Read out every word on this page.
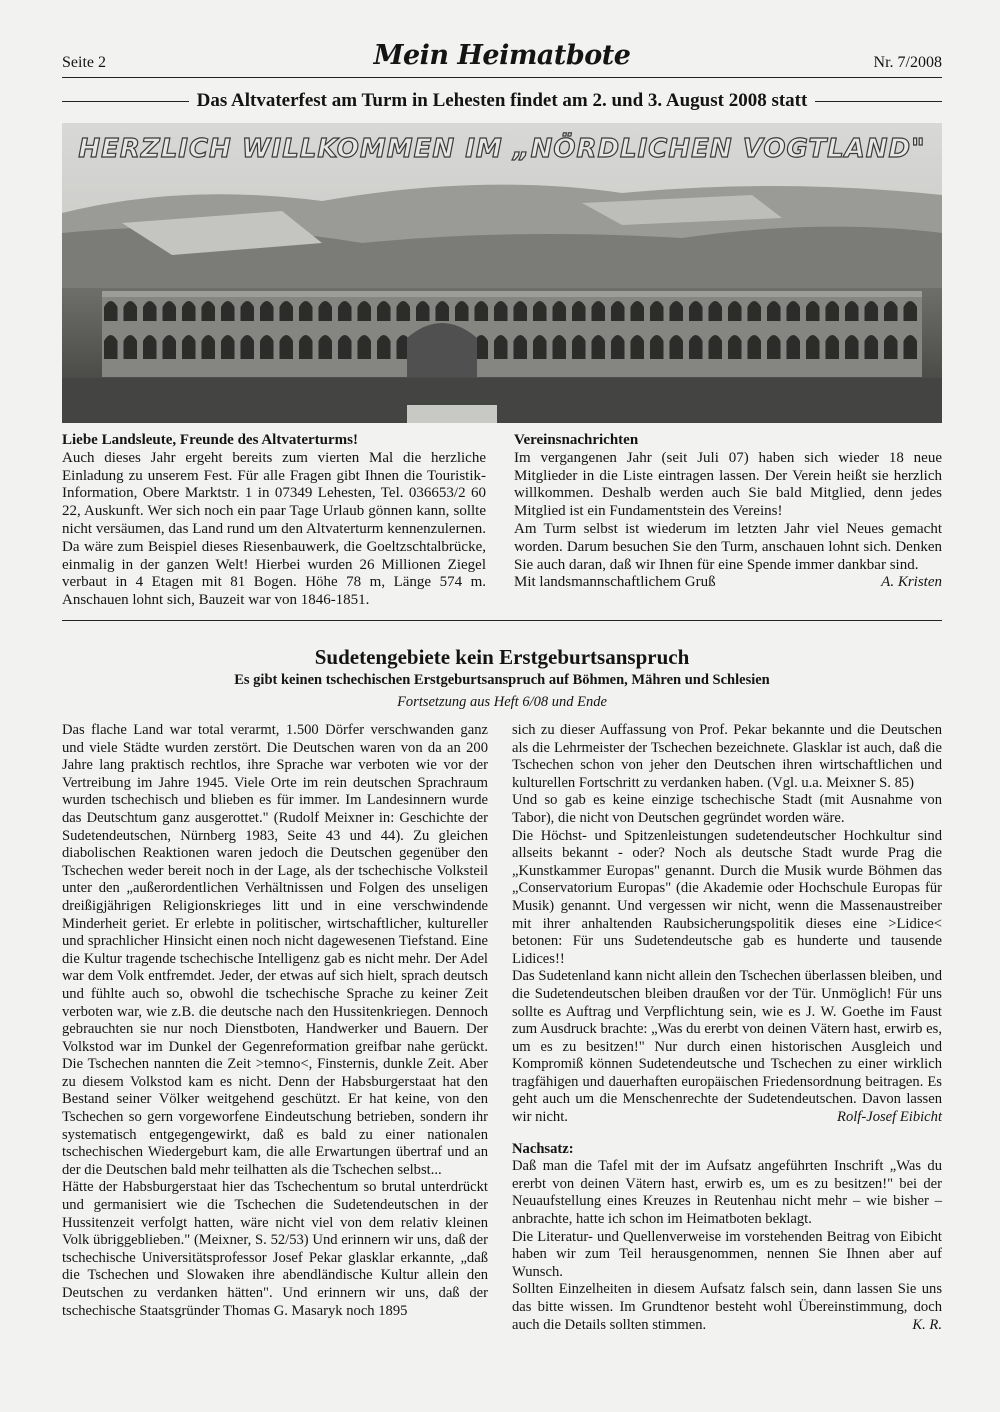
Seite 2	Mein Heimatbote	Nr. 7/2008
Das Altvaterfest am Turm in Lehesten findet am 2. und 3. August 2008 statt
HERZLICH WILLKOMMEN IM „NÖRDLICHEN VOGTLAND"

Liebe Landsleute, Freunde des Altvaterturms!

Auch dieses Jahr ergeht bereits zum vierten Mal die herzliche Einladung zu unserem Fest. Für alle Fragen gibt Ihnen die Touristik-Information, Obere Marktstr. 1 in 07349 Lehesten, Tel. 036653/2 60 22, Auskunft. Wer sich noch ein paar Tage Urlaub gönnen kann, sollte nicht versäumen, das Land rund um den Altvaterturm kennenzulernen. Da wäre zum Beispiel dieses Riesenbauwerk, die Goeltzschtalbrücke, einmalig in der ganzen Welt! Hierbei wurden 26 Millionen Ziegel verbaut in 4 Etagen mit 81 Bogen. Höhe 78 m, Länge 574 m. Anschauen lohnt sich, Bauzeit war von 1846-1851.

Vereinsnachrichten

Im vergangenen Jahr (seit Juli 07) haben sich wieder 18 neue Mitglieder in die Liste eintragen lassen. Der Verein heißt sie herzlich willkommen. Deshalb werden auch Sie bald Mitglied, denn jedes Mitglied ist ein Fundamentstein des Vereins!

Am Turm selbst ist wiederum im letzten Jahr viel Neues gemacht worden. Darum besuchen Sie den Turm, anschauen lohnt sich. Denken Sie auch daran, daß wir Ihnen für eine Spende immer dankbar sind.

Mit landsmannschaftlichem Gruß	A. Kristen
Sudetengebiete kein Erstgeburtsanspruch
Es gibt keinen tschechischen Erstgeburtsanspruch auf Böhmen, Mähren und Schlesien
Fortsetzung aus Heft 6/08 und Ende

Das flache Land war total verarmt, 1.500 Dörfer verschwanden ganz und viele Städte wurden zerstört. Die Deutschen waren von da an 200 Jahre lang praktisch rechtlos, ihre Sprache war verboten wie vor der Vertreibung im Jahre 1945. Viele Orte im rein deutschen Sprachraum wurden tschechisch und blieben es für immer. Im Landesinnern wurde das Deutschtum ganz ausgerottet." (Rudolf Meixner in: Geschichte der Sudetendeutschen, Nürnberg 1983, Seite 43 und 44). Zu gleichen diabolischen Reaktionen waren jedoch die Deutschen gegenüber den Tschechen weder bereit noch in der Lage, als der tschechische Volksteil unter den „außerordentlichen Verhältnissen und Folgen des unseligen dreißigjährigen Religionskrieges litt und in eine verschwindende Minderheit geriet. Er erlebte in politischer, wirtschaftlicher, kultureller und sprachlicher Hinsicht einen noch nicht dagewesenen Tiefstand. Eine die Kultur tragende tschechische Intelligenz gab es nicht mehr. Der Adel war dem Volk entfremdet. Jeder, der etwas auf sich hielt, sprach deutsch und fühlte auch so, obwohl die tschechische Sprache zu keiner Zeit verboten war, wie z.B. die deutsche nach den Hussitenkriegen. Dennoch gebrauchten sie nur noch Dienstboten, Handwerker und Bauern. Der Volkstod war im Dunkel der Gegenreformation greifbar nahe gerückt. Die Tschechen nannten die Zeit >temno<, Finsternis, dunkle Zeit. Aber zu diesem Volkstod kam es nicht. Denn der Habsburgerstaat hat den Bestand seiner Völker weitgehend geschützt. Er hat keine, von den Tschechen so gern vorgeworfene Eindeutschung betrieben, sondern ihr systematisch entgegengewirkt, daß es bald zu einer nationalen tschechischen Wiedergeburt kam, die alle Erwartungen übertraf und an der die Deutschen bald mehr teilhatten als die Tschechen selbst...

Hätte der Habsburgerstaat hier das Tschechentum so brutal unterdrückt und germanisiert wie die Tschechen die Sudetendeutschen in der Hussitenzeit verfolgt hatten, wäre nicht viel von dem relativ kleinen Volk übriggeblieben." (Meixner, S. 52/53) Und erinnern wir uns, daß der tschechische Universitätsprofessor Josef Pekar glasklar erkannte, „daß die Tschechen und Slowaken ihre abendländische Kultur allein den Deutschen zu verdanken hätten". Und erinnern wir uns, daß der tschechische Staatsgründer Thomas G. Masaryk noch 1895

sich zu dieser Auffassung von Prof. Pekar bekannte und die Deutschen als die Lehrmeister der Tschechen bezeichnete. Glasklar ist auch, daß die Tschechen schon von jeher den Deutschen ihren wirtschaftlichen und kulturellen Fortschritt zu verdanken haben. (Vgl. u.a. Meixner S. 85)

Und so gab es keine einzige tschechische Stadt (mit Ausnahme von Tabor), die nicht von Deutschen gegründet worden wäre.

Die Höchst- und Spitzenleistungen sudetendeutscher Hochkultur sind allseits bekannt - oder? Noch als deutsche Stadt wurde Prag die „Kunstkammer Europas" genannt. Durch die Musik wurde Böhmen das „Conservatorium Europas" (die Akademie oder Hochschule Europas für Musik) genannt. Und vergessen wir nicht, wenn die Massenaustreiber mit ihrer anhaltenden Raubsicherungspolitik dieses eine >Lidice< betonen: Für uns Sudetendeutsche gab es hunderte und tausende Lidices!!

Das Sudetenland kann nicht allein den Tschechen überlassen bleiben, und die Sudetendeutschen bleiben draußen vor der Tür. Unmöglich! Für uns sollte es Auftrag und Verpflichtung sein, wie es J. W. Goethe im Faust zum Ausdruck brachte: „Was du ererbt von deinen Vätern hast, erwirb es, um es zu besitzen!" Nur durch einen historischen Ausgleich und Kompromiß können Sudetendeutsche und Tschechen zu einer wirklich tragfähigen und dauerhaften europäischen Friedensordnung beitragen. Es geht auch um die Menschenrechte der Sudetendeutschen. Davon lassen wir nicht.	Rolf-Josef Eibicht

Nachsatz:

Daß man die Tafel mit der im Aufsatz angeführten Inschrift „Was du ererbt von deinen Vätern hast, erwirb es, um es zu besitzen!" bei der Neuaufstellung eines Kreuzes in Reutenhau nicht mehr – wie bisher – anbrachte, hatte ich schon im Heimatboten beklagt.

Die Literatur- und Quellenverweise im vorstehenden Beitrag von Eibicht haben wir zum Teil herausgenommen, nennen Sie Ihnen aber auf Wunsch.

Sollten Einzelheiten in diesem Aufsatz falsch sein, dann lassen Sie uns das bitte wissen. Im Grundtenor besteht wohl Übereinstimmung, doch auch die Details sollten stimmen.	K. R.
